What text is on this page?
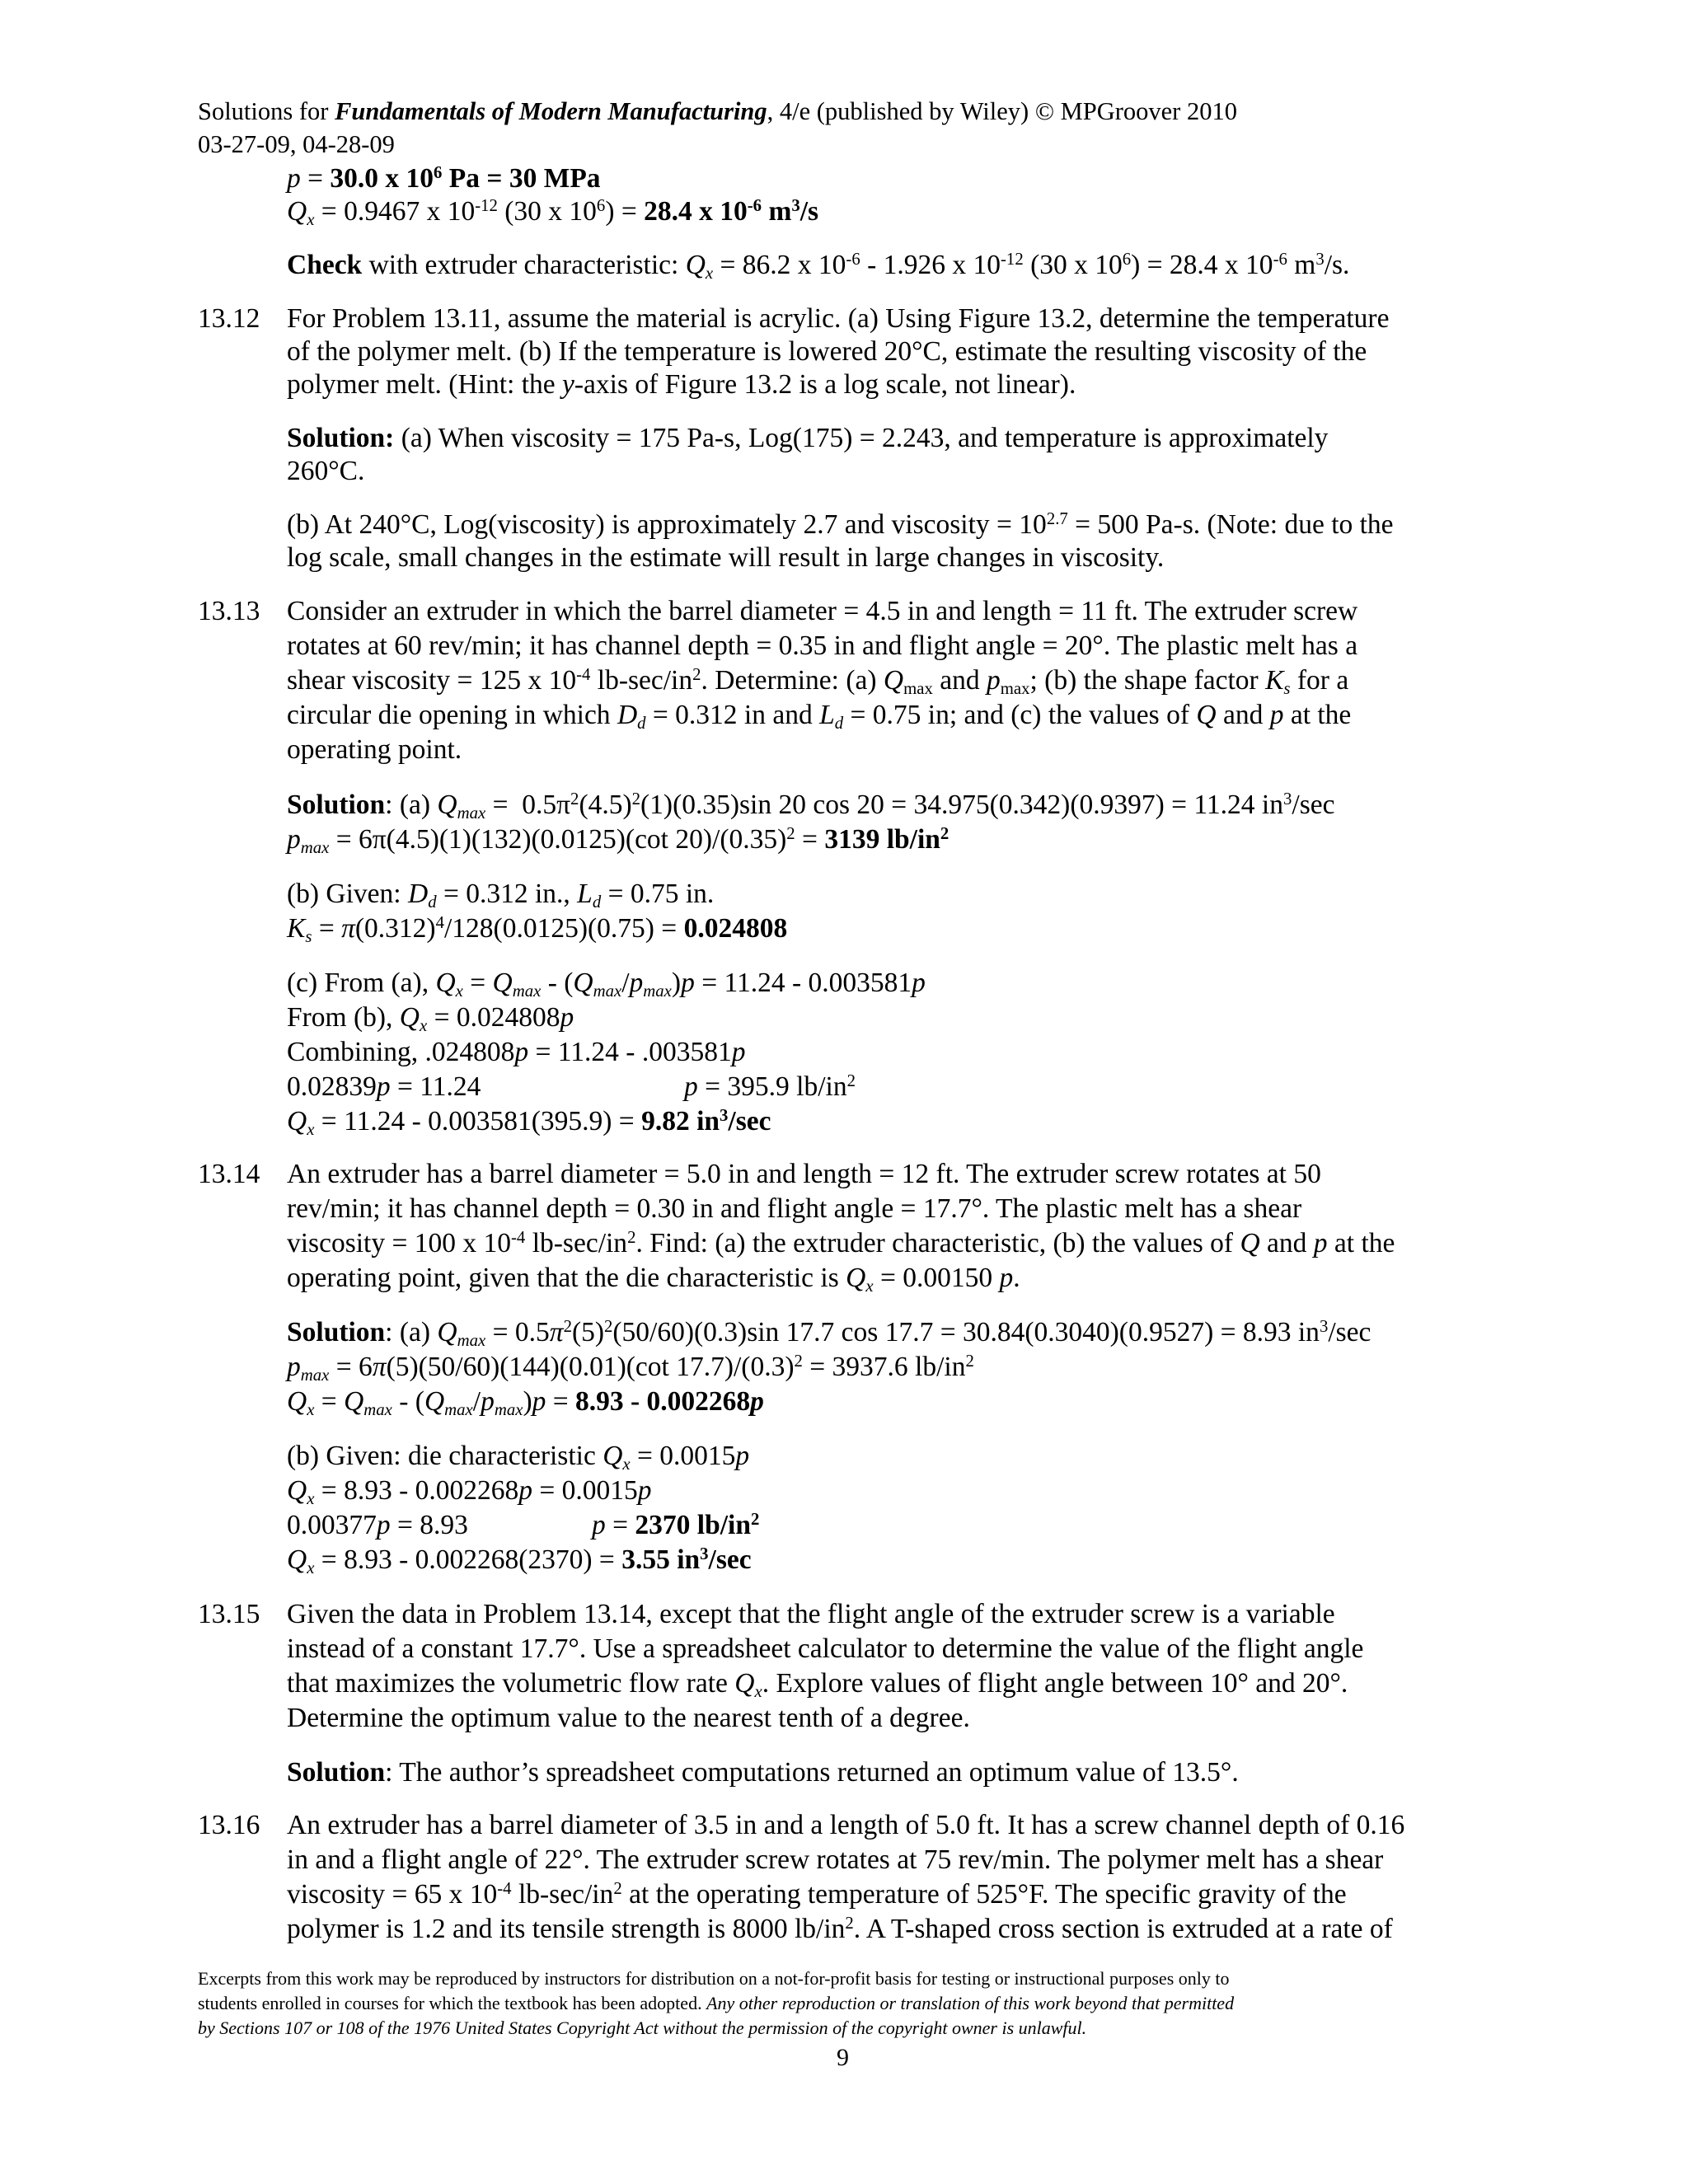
Solutions for Fundamentals of Modern Manufacturing, 4/e (published by Wiley) © MPGroover 2010
03-27-09, 04-28-09
p = 30.0 x $10^6$ Pa = 30 MPa
$Q_x = 0.9467$ x $10^{-12}$ (30 x $10^6) = 28.4$ x $10^{-6}$ $m^3/s$
Check with extruder characteristic: $Q_x = 86.2$ x $10^{-6} - 1.926$ x $10^{-12}$ (30 x $10^6) = 28.4$ x $10^{-6}$ $m^3/s$.
13.12 For Problem 13.11, assume the material is acrylic. (a) Using Figure 13.2, determine the temperature
of the polymer melt. (b) If the temperature is lowered 20°C, estimate the resulting viscosity of the
polymer melt. (Hint: the y-axis of Figure 13.2 is a log scale, not linear).
Solution: (a) When viscosity = 175 Pa-s, Log(175) = 2.243, and temperature is approximately
260°C.
(b) At 240°C, Log(viscosity) is approximately 2.7 and viscosity = $10^{2.7} = 500$ Pa-s. (Note: due to the
log scale, small changes in the estimate will result in large changes in viscosity.
13.13 Consider an extruder in which the barrel diameter = 4.5 in and length = 11 ft. The extruder screw
rotates at 60 rev/min; it has channel depth = 0.35 in and flight angle = 20°. The plastic melt has a
shear viscosity = 125 x $10^{-4}$ $lb-\sec/in^2$. Determine: (a) $Q_{max}$ and $p_{max}$; (b) the shape factor $K_s$ for a
circular die opening in which $D_d = 0.312$ in and $L_d = 0.75$ in; and (c) the values of Q and p at the
operating point.
Solution: (a) $Q_{max} = 0.5\pi^2(4.5)^2(1)(0.35)\sin$ 20 cos 20 = 34.975(0.342)(0.9397) = 11.24 $in^3/\sec$
$p_{max} = 6\pi(4.5)(1)(132)(0.0125)(\cot$ $20)/(0.35)^2 = 3139$ $lb/in^2$
(b) Given: $D_d = 0.312$ in., $L_d = 0.75$ in.
$K_s = \pi(0.312)^4/128(0.0125)(0.75) = 0.024808$
(c) From (a), $Q_x = Q_{max} - (Q_{max}/p_{max})p = 11.24 - 0.003581p$
From (b), $Q_x = 0.024808p$
Combining, .024808p = 11.24 - .003581p
0.02839p = 11.24	p = 395.9 $lb/in^2$
$Q_x = 11.24 - 0.003581(395.9) = 9.82$ $in^3/\sec$
13.14 An extruder has a barrel diameter = 5.0 in and length = 12 ft. The extruder screw rotates at 50
rev/min; it has channel depth = 0.30 in and flight angle = 17.7°. The plastic melt has a shear
viscosity = 100 x $10^{-4}$ $lb-\sec/in^2$. Find: (a) the extruder characteristic, (b) the values of Q and p at the
operating point, given that the die characteristic is $Q_x = 0.00150$ p.
Solution: (a) $Q_{max} = 0.5\pi^2(5)^2(50/60)(0.3)\sin$ 17.7 cos 17.7 = 30.84(0.3040)(0.9527) = 8.93 $in^3/\sec$
$p_{max} = 6\pi(5)(50/60)(144)(0.01)(\cot$ $17.7)/(0.3)^2 = 3937.6$ $lb/in^2$
$Q_x = Q_{max} - (Q_{max}/p_{max})p = 8.93 - 0.002268p$
(b) Given: die characteristic $Q_x = 0.0015p$
$Q_x = 8.93 - 0.002268p = 0.0015p$
0.00377p = 8.93	p = 2370 $lb/in^2$
$Q_x = 8.93 - 0.002268(2370) = 3.55$ $in^3/\sec$
13.15 Given the data in Problem 13.14, except that the flight angle of the extruder screw is a variable
instead of a constant 17.7°. Use a spreadsheet calculator to determine the value of the flight angle
that maximizes the volumetric flow rate $Q_x$. Explore values of flight angle between 10° and 20°.
Determine the optimum value to the nearest tenth of a degree.
Solution: The author’s spreadsheet computations returned an optimum value of 13.5°.
13.16 An extruder has a barrel diameter of 3.5 in and a length of 5.0 ft. It has a screw channel depth of 0.16
in and a flight angle of 22°. The extruder screw rotates at 75 rev/min. The polymer melt has a shear
viscosity = 65 x $10^{-4}$ $lb-\sec/in^2$ at the operating temperature of 525°F. The specific gravity of the
polymer is 1.2 and its tensile strength is 8000 $lb/in^2$. A T-shaped cross section is extruded at a rate of
Excerpts from this work may be reproduced by instructors for distribution on a not-for-profit basis for testing or instructional purposes only to
students enrolled in courses for which the textbook has been adopted. Any other reproduction or translation of this work beyond that permitted
by Sections 107 or 108 of the 1976 United States Copyright Act without the permission of the copyright owner is unlawful.
9
